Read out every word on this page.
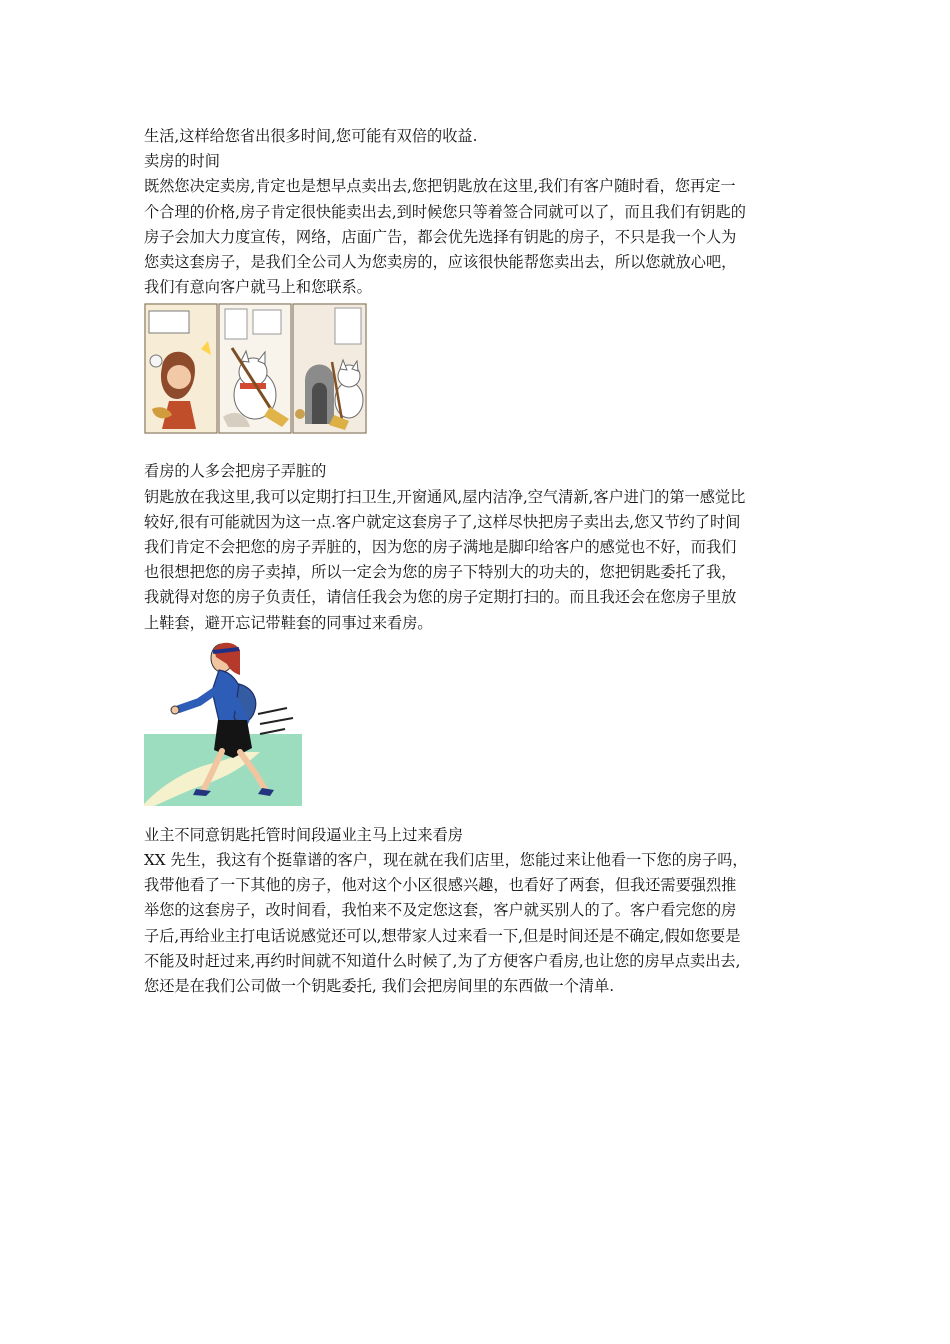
生活,这样给您省出很多时间,您可能有双倍的收益.

卖房的时间

既然您决定卖房,肯定也是想早点卖出去,您把钥匙放在这里,我们有客户随时看，您再定一

个合理的价格,房子肯定很快能卖出去,到时候您只等着签合同就可以了，而且我们有钥匙的

房子会加大力度宣传，网络，店面广告，都会优先选择有钥匙的房子，不只是我一个人为

您卖这套房子，是我们全公司人为您卖房的，应该很快能帮您卖出去，所以您就放心吧，

我们有意向客户就马上和您联系。

看房的人多会把房子弄脏的

钥匙放在我这里,我可以定期打扫卫生,开窗通风,屋内洁净,空气清新,客户进门的第一感觉比

较好,很有可能就因为这一点.客户就定这套房子了,这样尽快把房子卖出去,您又节约了时间

我们肯定不会把您的房子弄脏的，因为您的房子满地是脚印给客户的感觉也不好，而我们

也很想把您的房子卖掉，所以一定会为您的房子下特别大的功夫的，您把钥匙委托了我，

我就得对您的房子负责任，请信任我会为您的房子定期打扫的。而且我还会在您房子里放

上鞋套，避开忘记带鞋套的同事过来看房。

业主不同意钥匙托管时间段逼业主马上过来看房

XX 先生，我这有个挺靠谱的客户，现在就在我们店里，您能过来让他看一下您的房子吗，

我带他看了一下其他的房子，他对这个小区很感兴趣，也看好了两套，但我还需要强烈推

举您的这套房子，改时间看，我怕来不及定您这套，客户就买别人的了。客户看完您的房

子后,再给业主打电话说感觉还可以,想带家人过来看一下,但是时间还是不确定,假如您要是

不能及时赶过来,再约时间就不知道什么时候了,为了方便客户看房,也让您的房早点卖出去,

您还是在我们公司做一个钥匙委托, 我们会把房间里的东西做一个清单.
